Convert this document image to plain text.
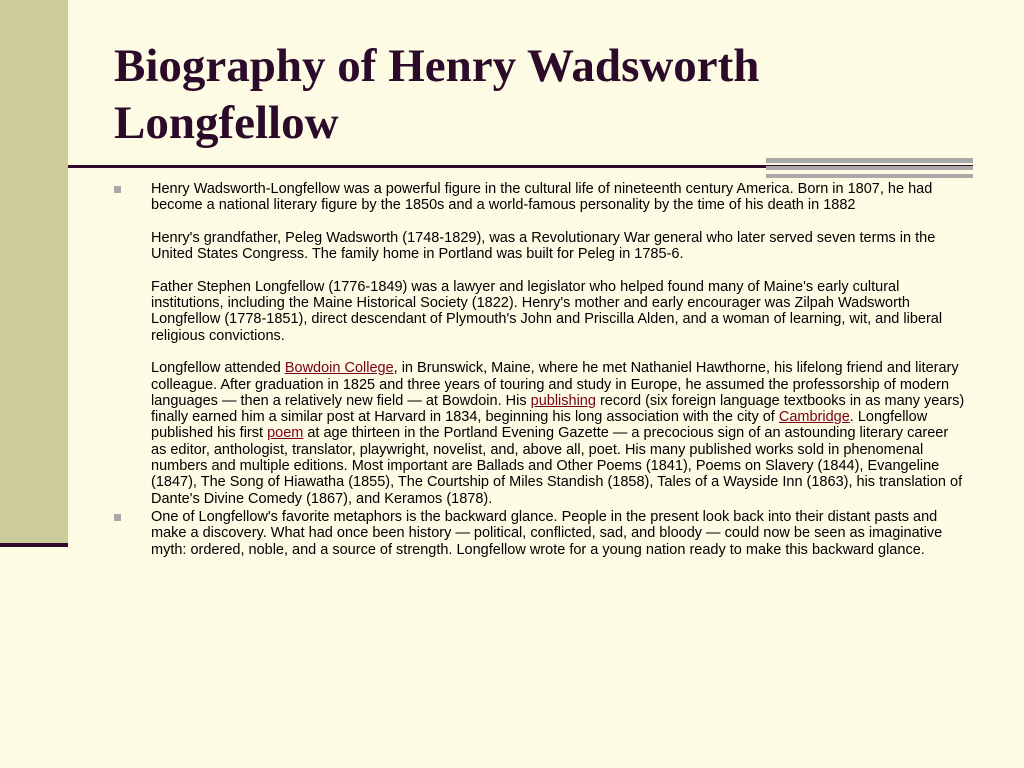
Biography of Henry Wadsworth Longfellow
Henry Wadsworth-Longfellow was a powerful figure in the cultural life of nineteenth century America. Born in 1807, he had become a national literary figure by the 1850s and a world-famous personality by the time of his death in 1882
Henry's grandfather, Peleg Wadsworth (1748-1829), was a Revolutionary War general who later served seven terms in the United States Congress. The family home in Portland was built for Peleg in 1785-6.
Father Stephen Longfellow (1776-1849) was a lawyer and legislator who helped found many of Maine's early cultural institutions, including the Maine Historical Society (1822). Henry's mother and early encourager was Zilpah Wadsworth Longfellow (1778-1851), direct descendant of Plymouth's John and Priscilla Alden, and a woman of learning, wit, and liberal religious convictions.
Longfellow attended Bowdoin College, in Brunswick, Maine, where he met Nathaniel Hawthorne, his lifelong friend and literary colleague. After graduation in 1825 and three years of touring and study in Europe, he assumed the professorship of modern languages — then a relatively new field — at Bowdoin. His publishing record (six foreign language textbooks in as many years) finally earned him a similar post at Harvard in 1834, beginning his long association with the city of Cambridge. Longfellow published his first poem at age thirteen in the Portland Evening Gazette — a precocious sign of an astounding literary career as editor, anthologist, translator, playwright, novelist, and, above all, poet. His many published works sold in phenomenal numbers and multiple editions. Most important are Ballads and Other Poems (1841), Poems on Slavery (1844), Evangeline (1847), The Song of Hiawatha (1855), The Courtship of Miles Standish (1858), Tales of a Wayside Inn (1863), his translation of Dante's Divine Comedy (1867), and Keramos (1878).
One of Longfellow's favorite metaphors is the backward glance. People in the present look back into their distant pasts and make a discovery. What had once been history — political, conflicted, sad, and bloody — could now be seen as imaginative myth: ordered, noble, and a source of strength. Longfellow wrote for a young nation ready to make this backward glance.
